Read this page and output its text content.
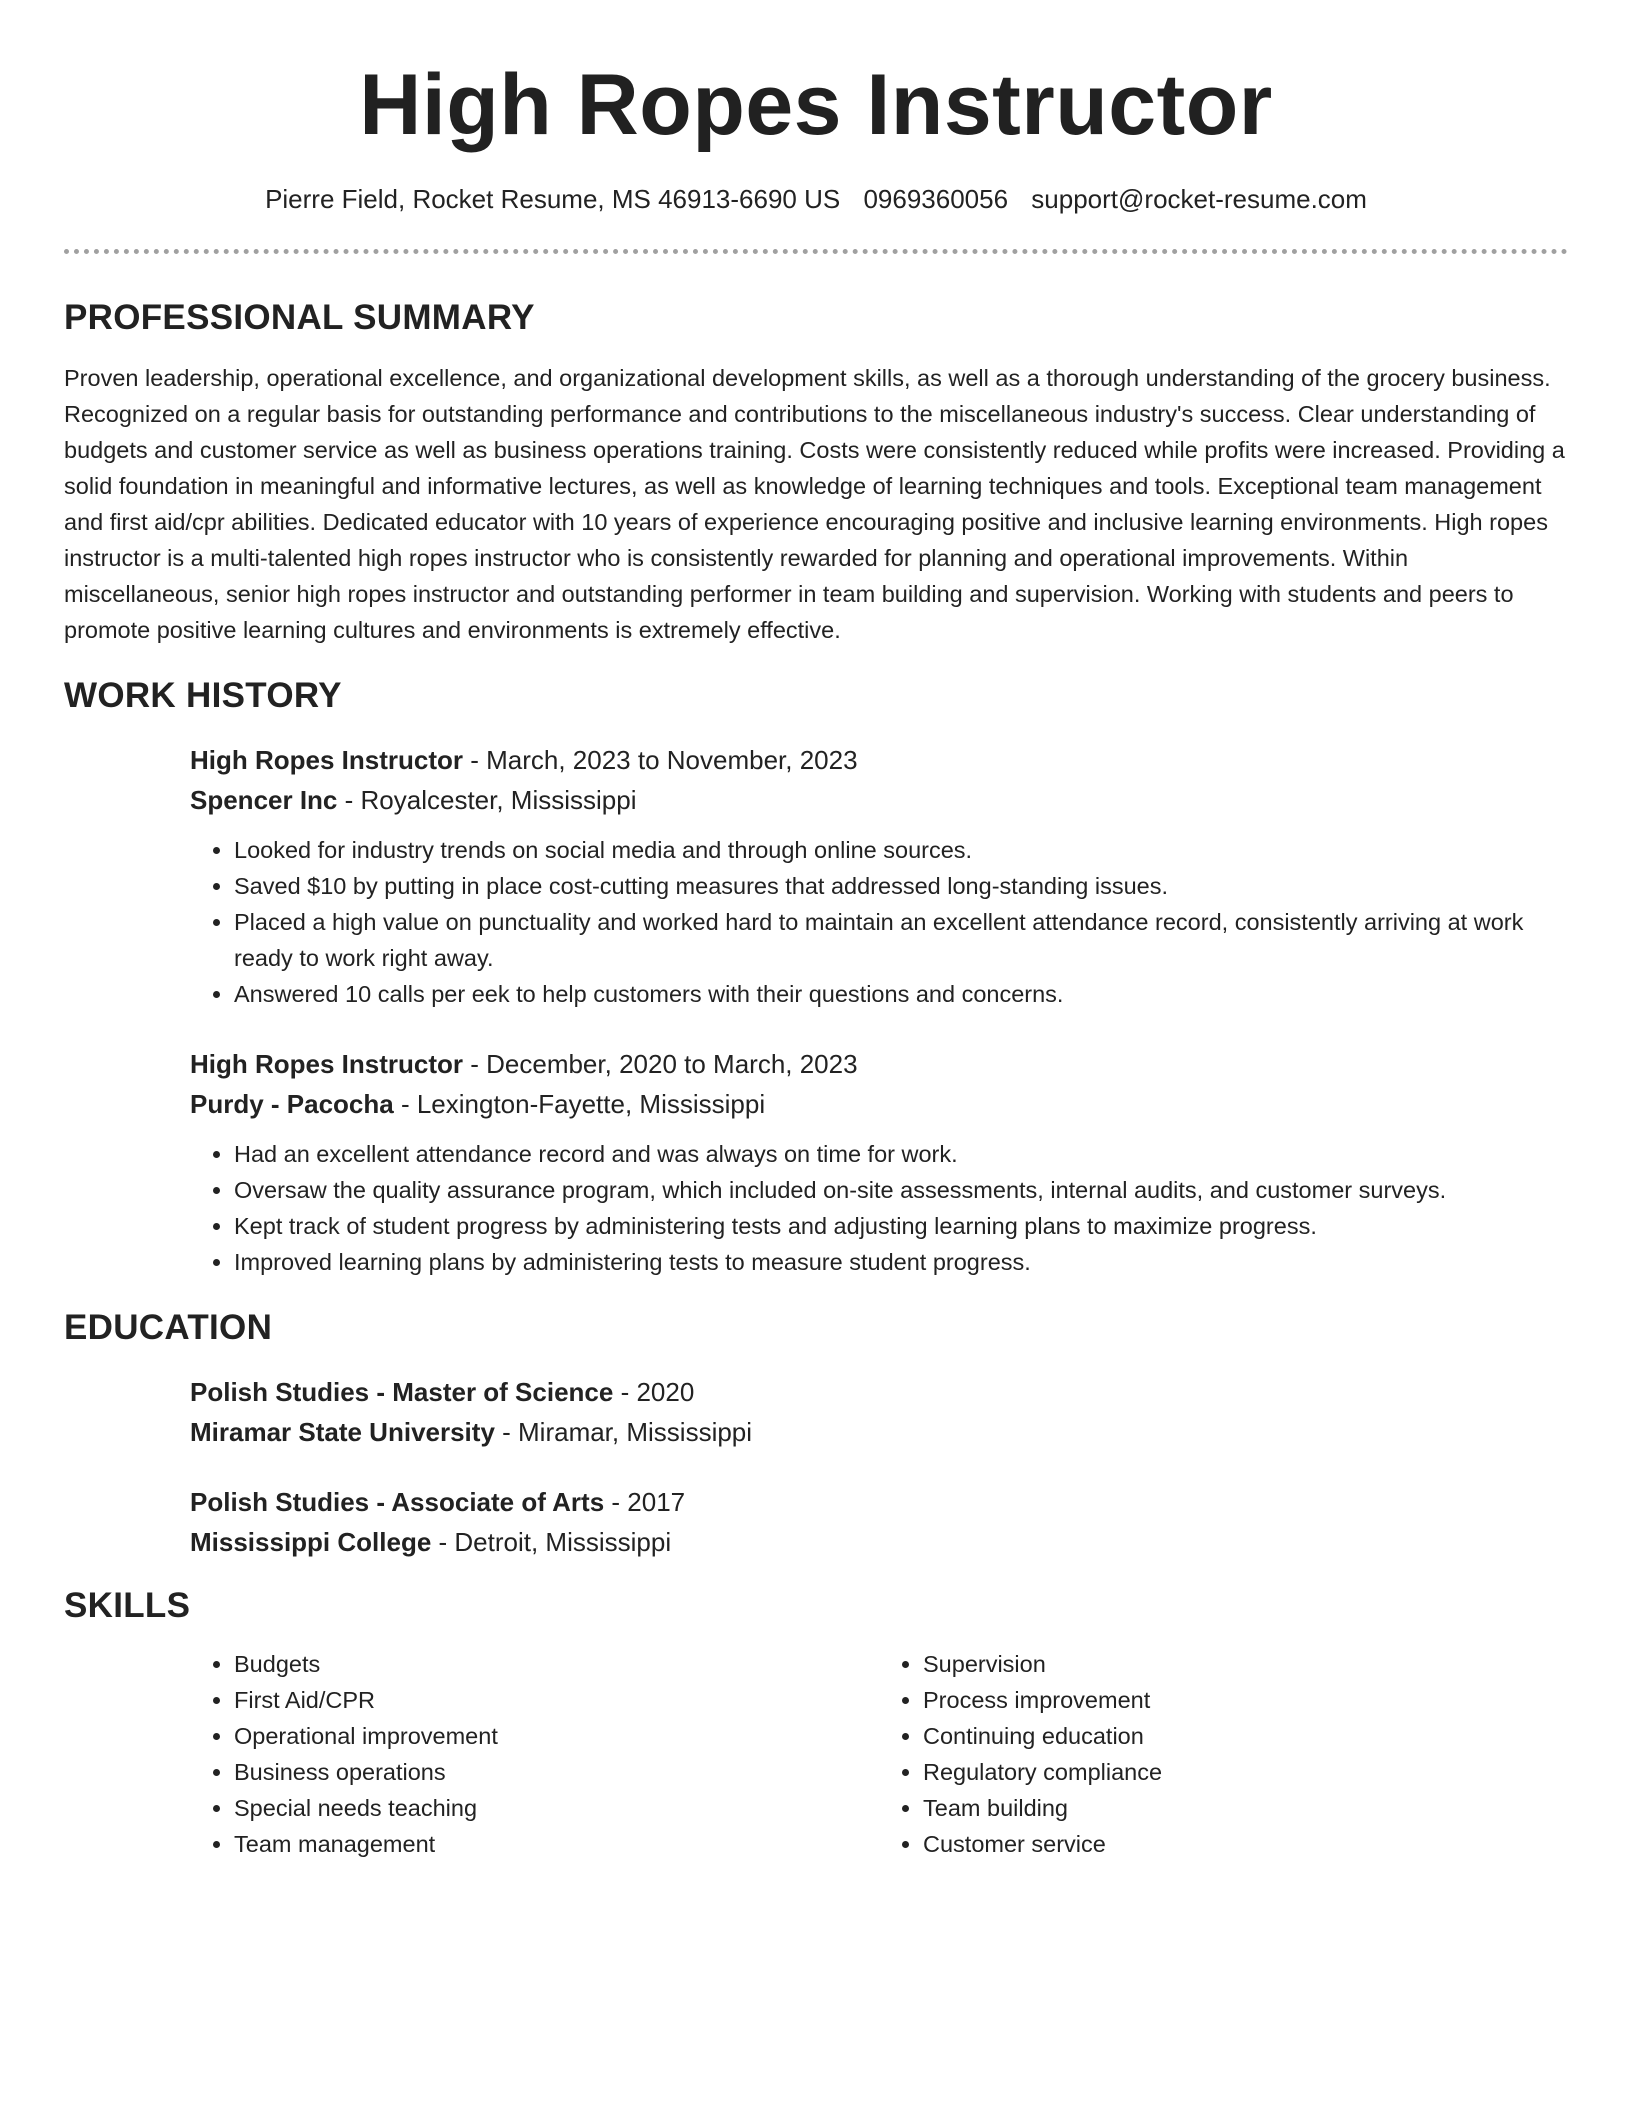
High Ropes Instructor
Pierre Field, Rocket Resume, MS 46913-6690 US 0969360056 support@rocket-resume.com
PROFESSIONAL SUMMARY

Proven leadership, operational excellence, and organizational development skills, as well as a thorough understanding of the grocery business. Recognized on a regular basis for outstanding performance and contributions to the miscellaneous industry's success. Clear understanding of budgets and customer service as well as business operations training. Costs were consistently reduced while profits were increased. Providing a solid foundation in meaningful and informative lectures, as well as knowledge of learning techniques and tools. Exceptional team management and first aid/cpr abilities. Dedicated educator with 10 years of experience encouraging positive and inclusive learning environments. High ropes instructor is a multi-talented high ropes instructor who is consistently rewarded for planning and operational improvements. Within miscellaneous, senior high ropes instructor and outstanding performer in team building and supervision. Working with students and peers to promote positive learning cultures and environments is extremely effective.

WORK HISTORY

High Ropes Instructor - March, 2023 to November, 2023

Spencer Inc - Royalcester, Mississippi

• Looked for industry trends on social media and through online sources.
• Saved $10 by putting in place cost-cutting measures that addressed long-standing issues.
• Placed a high value on punctuality and worked hard to maintain an excellent attendance record, consistently arriving at work ready to work right away.
• Answered 10 calls per eek to help customers with their questions and concerns.

High Ropes Instructor - December, 2020 to March, 2023

Purdy - Pacocha - Lexington-Fayette, Mississippi

• Had an excellent attendance record and was always on time for work.
• Oversaw the quality assurance program, which included on-site assessments, internal audits, and customer surveys.
• Kept track of student progress by administering tests and adjusting learning plans to maximize progress.
• Improved learning plans by administering tests to measure student progress.
EDUCATION

Polish Studies - Master of Science - 2020

Miramar State University - Miramar, Mississippi

Polish Studies - Associate of Arts - 2017

Mississippi College - Detroit, Mississippi

SKILLS
• Budgets
• First Aid/CPR
• Operational improvement
• Business operations
• Special needs teaching
• Team management
• Supervision
• Process improvement
• Continuing education
• Regulatory compliance
• Team building
• Customer service
